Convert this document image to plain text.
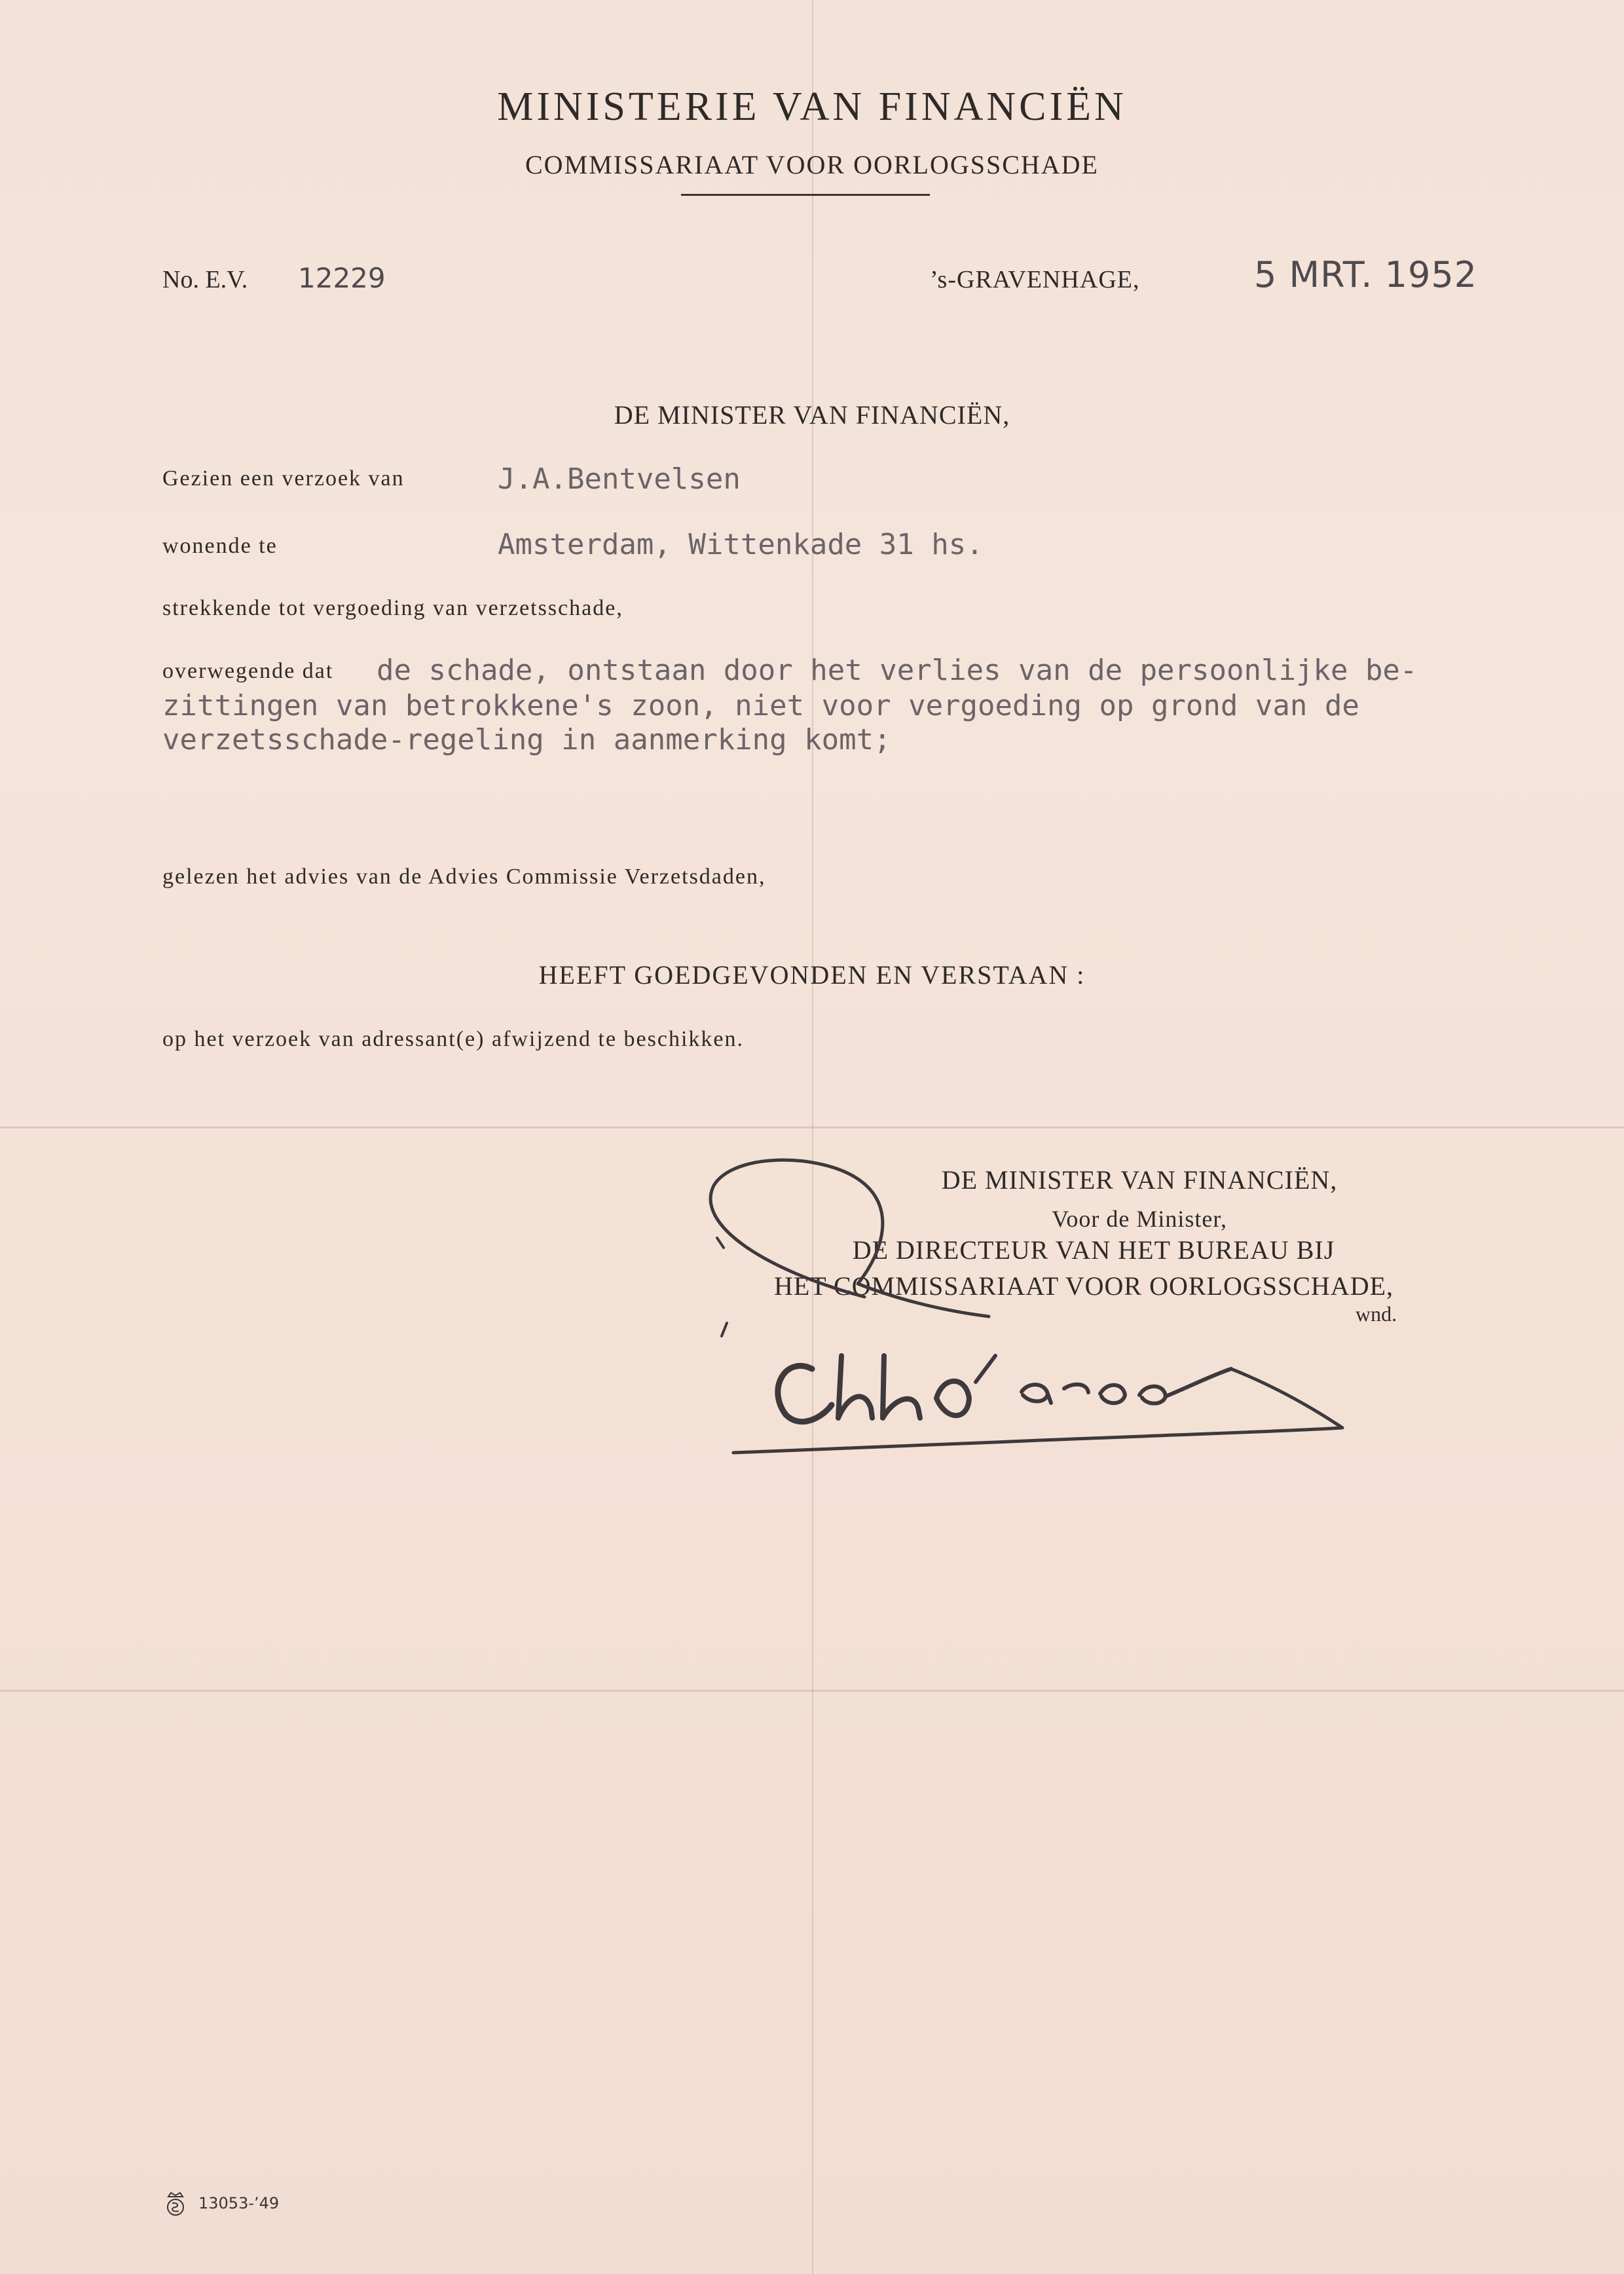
MINISTERIE VAN FINANCIËN
COMMISSARIAAT VOOR OORLOGSSCHADE
No. E.V. 12229	’s-GRAVENHAGE,	5 MRT. 1952
DE MINISTER VAN FINANCIËN,
Gezien een verzoek van	J.A.Bentvelsen
wonende te	Amsterdam, Wittenkade 31 hs.
strekkende tot vergoeding van verzetsschade,
overwegende dat de schade, ontstaan door het verlies van de persoonlijke be-
zittingen van betrokkene's zoon, niet voor vergoeding op grond van de
verzetsschade-regeling in aanmerking komt;
gelezen het advies van de Advies Commissie Verzetsdaden,
HEEFT GOEDGEVONDEN EN VERSTAAN :
op het verzoek van adressant(e) afwijzend te beschikken.
DE MINISTER VAN FINANCIËN,
Voor de Minister,
DE DIRECTEUR VAN HET BUREAU BIJ
HET COMMISSARIAAT VOOR OORLOGSSCHADE,
wnd.
13053-’49
